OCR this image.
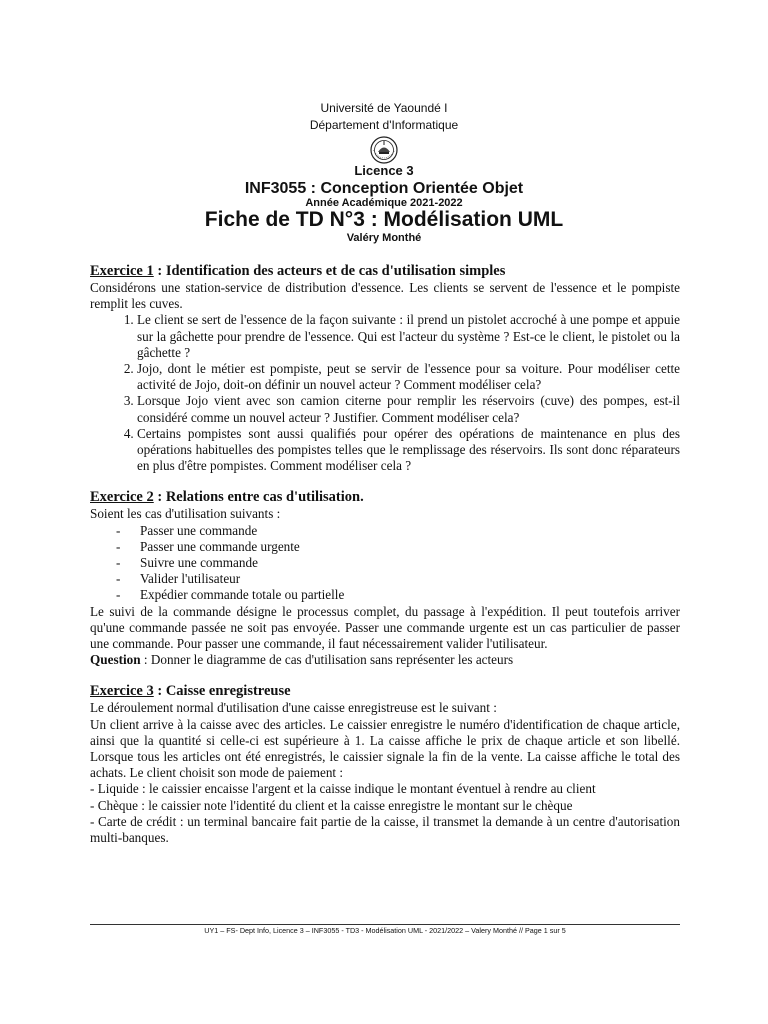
Université de Yaoundé I
Département d'Informatique
Licence 3
INF3055 : Conception Orientée Objet
Année Académique 2021-2022
Fiche de TD N°3 : Modélisation UML
Valéry Monthé
Exercice 1 : Identification des acteurs et de cas d'utilisation simples

Considérons une station-service de distribution d'essence. Les clients se servent de l'essence et le pompiste remplit les cuves.

1. Le client se sert de l'essence de la façon suivante : il prend un pistolet accroché à une pompe et appuie sur la gâchette pour prendre de l'essence. Qui est l'acteur du système ? Est-ce le client, le pistolet ou la gâchette ?
2. Jojo, dont le métier est pompiste, peut se servir de l'essence pour sa voiture. Pour modéliser cette activité de Jojo, doit-on définir un nouvel acteur ? Comment modéliser cela?
3. Lorsque Jojo vient avec son camion citerne pour remplir les réservoirs (cuve) des pompes, est-il considéré comme un nouvel acteur ? Justifier. Comment modéliser cela?
4. Certains pompistes sont aussi qualifiés pour opérer des opérations de maintenance en plus des opérations habituelles des pompistes telles que le remplissage des réservoirs. Ils sont donc réparateurs en plus d'être pompistes. Comment modéliser cela ?
Exercice 2 : Relations entre cas d'utilisation.

Soient les cas d'utilisation suivants :

- Passer une commande
- Passer une commande urgente
- Suivre une commande
- Valider l'utilisateur
- Expédier commande totale ou partielle

Le suivi de la commande désigne le processus complet, du passage à l'expédition. Il peut toutefois arriver qu'une commande passée ne soit pas envoyée. Passer une commande urgente est un cas particulier de passer une commande. Pour passer une commande, il faut nécessairement valider l'utilisateur.

Question : Donner le diagramme de cas d'utilisation sans représenter les acteurs

Exercice 3 : Caisse enregistreuse

Le déroulement normal d'utilisation d'une caisse enregistreuse est le suivant :

Un client arrive à la caisse avec des articles. Le caissier enregistre le numéro d'identification de chaque article, ainsi que la quantité si celle-ci est supérieure à 1. La caisse affiche le prix de chaque article et son libellé. Lorsque tous les articles ont été enregistrés, le caissier signale la fin de la vente. La caisse affiche le total des achats. Le client choisit son mode de paiement :

- Liquide : le caissier encaisse l'argent et la caisse indique le montant éventuel à rendre au client

- Chèque : le caissier note l'identité du client et la caisse enregistre le montant sur le chèque

- Carte de crédit : un terminal bancaire fait partie de la caisse, il transmet la demande à un centre d'autorisation multi-banques.

UY1 – FS- Dept Info, Licence 3 – INF3055 - TD3 - Modélisation UML - 2021/2022 – Valery Monthé // Page 1 sur 5
